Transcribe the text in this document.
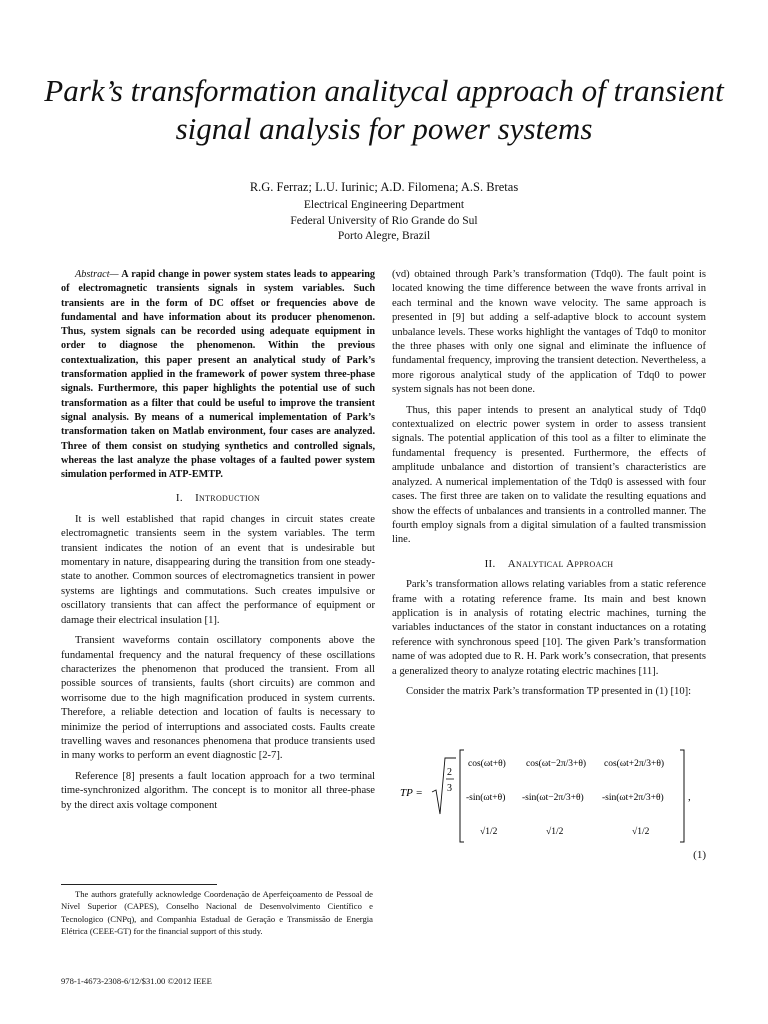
Park’s transformation analitycal approach of transient signal analysis for power systems
R.G. Ferraz; L.U. Iurinic; A.D. Filomena; A.S. Bretas
Electrical Engineering Department
Federal University of Rio Grande do Sul
Porto Alegre, Brazil

Abstract— A rapid change in power system states leads to appearing of electromagnetic transients signals in system variables. Such transients are in the form of DC offset or frequencies above de fundamental and have information about its producer phenomenon. Thus, system signals can be recorded using adequate equipment in order to diagnose the phenomenon. Within the previous contextualization, this paper present an analytical study of Park’s transformation applied in the framework of power system three-phase signals. Furthermore, this paper highlights the potential use of such transformation as a filter that could be useful to improve the transient signal analysis. By means of a numerical implementation of Park’s transformation taken on Matlab environment, four cases are analyzed. Three of them consist on studying synthetics and controlled signals, whereas the last analyze the phase voltages of a faulted power system simulation performed in ATP-EMTP.

I. Introduction

It is well established that rapid changes in circuit states create electromagnetic transients seem in the system variables. The term transient indicates the notion of an event that is undesirable but momentary in nature, disappearing during the transition from one steady-state to another. Common sources of electromagnetics transient in power systems are lightings and commutations. Such creates impulsive or oscillatory transients that can affect the performance of equipment or damage their electrical insulation [1].

Transient waveforms contain oscillatory components above the fundamental frequency and the natural frequency of these oscillations characterizes the phenomenon that produced the transient. From all possible sources of transients, faults (short circuits) are common and worrisome due to the high magnification produced in system currents. Therefore, a reliable detection and location of faults is necessary to minimize the period of interruptions and associated costs. Faults create travelling waves and resonances phenomena that produce transients used in many works to perform an event diagnostic [2-7].

Reference [8] presents a fault location approach for a two terminal time-synchronized algorithm. The concept is to monitor all three-phase by the direct axis voltage component

The authors gratefully acknowledge Coordenação de Aperfeiçoamento de Pessoal de Nível Superior (CAPES), Conselho Nacional de Desenvolvimento Científico e Tecnologico (CNPq), and Companhia Estadual de Geração e Transmissão de Energia Elétrica (CEEE-GT) for the financial support of this study.
978-1-4673-2308-6/12/$31.00 ©2012 IEEE

(vd) obtained through Park’s transformation (Tdq0). The fault point is located knowing the time difference between the wave fronts arrival in each terminal and the known wave velocity. The same approach is presented in [9] but adding a self-adaptive block to account system unbalance levels. These works highlight the vantages of Tdq0 to monitor the three phases with only one signal and eliminate the influence of fundamental frequency, improving the transient detection. Nevertheless, a more rigorous analytical study of the application of Tdq0 to power system signals has not been done.

Thus, this paper intends to present an analytical study of Tdq0 contextualized on electric power system in order to assess transient signals. The potential application of this tool as a filter to eliminate the fundamental frequency is presented. Furthermore, the effects of amplitude unbalance and distortion of transient’s characteristics are analyzed. A numerical implementation of the Tdq0 is assessed with four cases. The first three are taken on to validate the resulting equations and show the effects of unbalances and transients in a controlled manner. The fourth employ signals from a digital simulation of a faulted transmission line.

II. Analytical Approach

Park’s transformation allows relating variables from a static reference frame with a rotating reference frame. Its main and best known application is in analysis of rotating electric machines, turning the variables inductances of the stator in constant inductances on a rotating reference with synchronous speed [10]. The given Park’s transformation name of was adopted due to R. H. Park work’s consecration, that presents a generalized theory to analyze rotating electric machines [11].

Consider the matrix Park’s transformation TP presented in (1) [10]:

TP =
2
3
cos(ωt+θ) cos(ωt−2π/3+θ) cos(ωt+2π/3+θ)
-sin(ωt+θ) -sin(ωt−2π/3+θ) -sin(ωt+2π/3+θ)
√1/2	√1/2	√1/2
,
(1)
